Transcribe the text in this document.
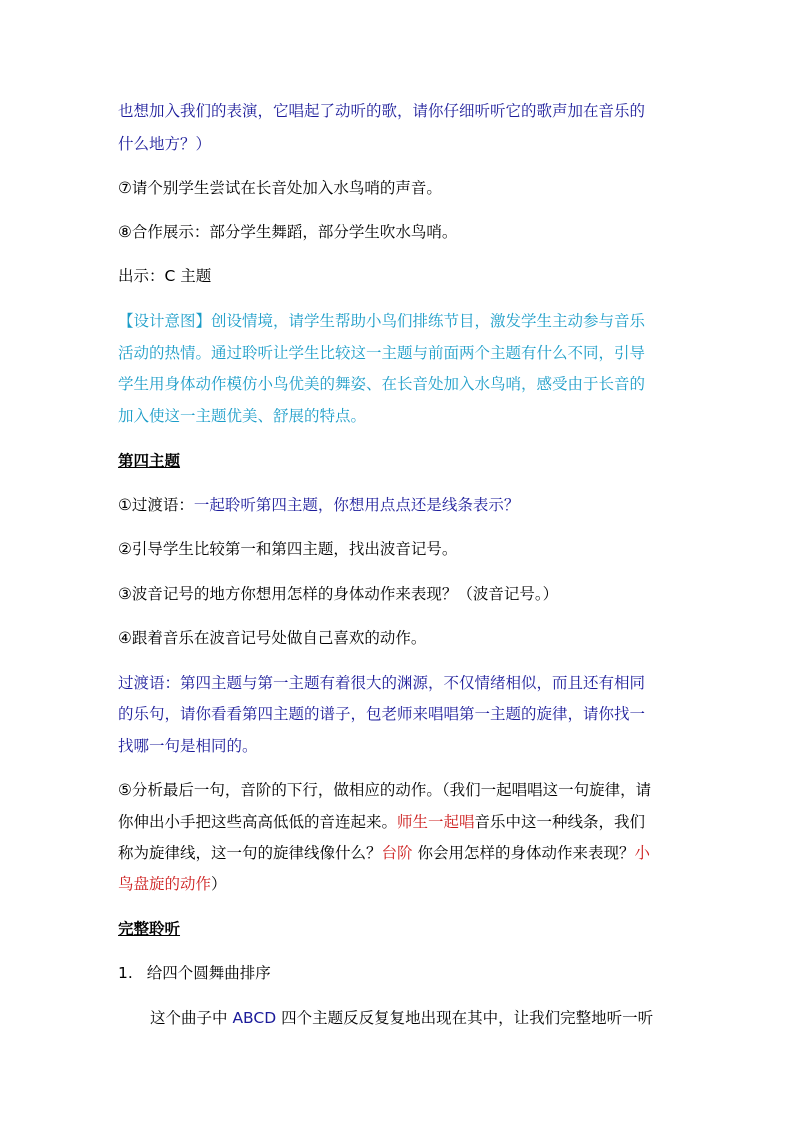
也想加入我们的表演，它唱起了动听的歌，请你仔细听听它的歌声加在音乐的
什么地方？）
⑦请个别学生尝试在长音处加入水鸟哨的声音。
⑧合作展示：部分学生舞蹈，部分学生吹水鸟哨。
出示：C 主题
【设计意图】创设情境，请学生帮助小鸟们排练节目，激发学生主动参与音乐
活动的热情。通过聆听让学生比较这一主题与前面两个主题有什么不同，引导
学生用身体动作模仿小鸟优美的舞姿、在长音处加入水鸟哨，感受由于长音的
加入使这一主题优美、舒展的特点。
第四主题
①过渡语：一起聆听第四主题，你想用点点还是线条表示？
②引导学生比较第一和第四主题，找出波音记号。
③波音记号的地方你想用怎样的身体动作来表现？（波音记号。）
④跟着音乐在波音记号处做自己喜欢的动作。
过渡语：第四主题与第一主题有着很大的渊源，不仅情绪相似，而且还有相同
的乐句，请你看看第四主题的谱子，包老师来唱唱第一主题的旋律，请你找一
找哪一句是相同的。
⑤分析最后一句，音阶的下行，做相应的动作。（我们一起唱唱这一句旋律，请
你伸出小手把这些高高低低的音连起来。师生一起唱音乐中这一种线条，我们
称为旋律线，这一句的旋律线像什么？台阶 你会用怎样的身体动作来表现？小
鸟盘旋的动作）
完整聆听
1. 给四个圆舞曲排序
这个曲子中 ABCD 四个主题反反复复地出现在其中，让我们完整地听一听
